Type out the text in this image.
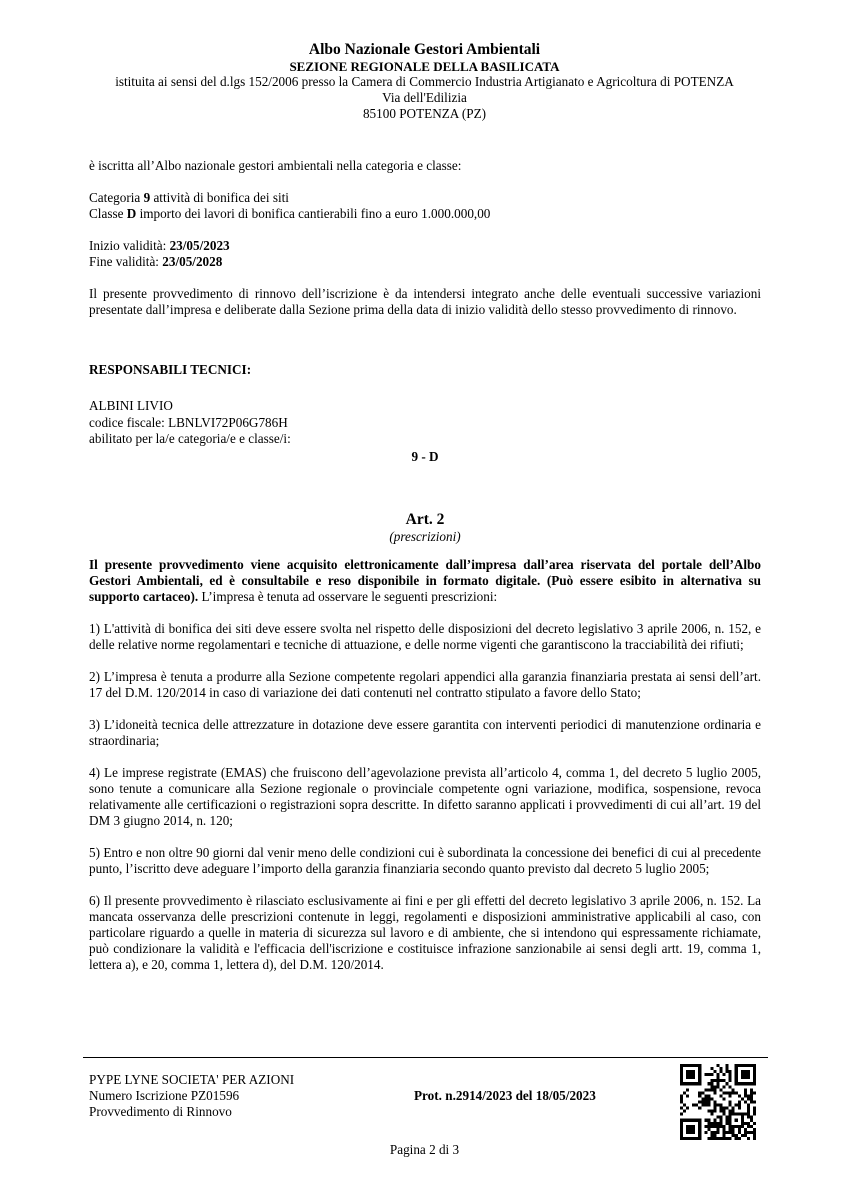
Albo Nazionale Gestori Ambientali
SEZIONE REGIONALE DELLA BASILICATA
istituita ai sensi del d.lgs 152/2006 presso la Camera di Commercio Industria Artigianato e Agricoltura di POTENZA
Via dell'Edilizia
85100 POTENZA (PZ)

è iscritta all’Albo nazionale gestori ambientali nella categoria e classe:

Categoria 9 attività di bonifica dei siti

Classe D importo dei lavori di bonifica cantierabili fino a euro 1.000.000,00

Inizio validità: 23/05/2023

Fine validità: 23/05/2028

Il presente provvedimento di rinnovo dell’iscrizione è da intendersi integrato anche delle eventuali successive variazioni presentate dall’impresa e deliberate dalla Sezione prima della data di inizio validità dello stesso provvedimento di rinnovo.

RESPONSABILI TECNICI:

ALBINI LIVIO

codice fiscale: LBNLVI72P06G786H

abilitato per la/e categoria/e e classe/i:

9 - D

Art. 2
(prescrizioni)

Il presente provvedimento viene acquisito elettronicamente dall’impresa dall’area riservata del portale dell’Albo Gestori Ambientali, ed è consultabile e reso disponibile in formato digitale. (Può essere esibito in alternativa su supporto cartaceo). L’impresa è tenuta ad osservare le seguenti prescrizioni:

1) L'attività di bonifica dei siti deve essere svolta nel rispetto delle disposizioni del decreto legislativo 3 aprile 2006, n. 152, e delle relative norme regolamentari e tecniche di attuazione, e delle norme vigenti che garantiscono la tracciabilità dei rifiuti;

2) L’impresa è tenuta a produrre alla Sezione competente regolari appendici alla garanzia finanziaria prestata ai sensi dell’art. 17 del D.M. 120/2014 in caso di variazione dei dati contenuti nel contratto stipulato a favore dello Stato;

3) L’idoneità tecnica delle attrezzature in dotazione deve essere garantita con interventi periodici di manutenzione ordinaria e straordinaria;

4) Le imprese registrate (EMAS) che fruiscono dell’agevolazione prevista all’articolo 4, comma 1, del decreto 5 luglio 2005, sono tenute a comunicare alla Sezione regionale o provinciale competente ogni variazione, modifica, sospensione, revoca relativamente alle certificazioni o registrazioni sopra descritte. In difetto saranno applicati i provvedimenti di cui all’art. 19 del DM 3 giugno 2014, n. 120;

5) Entro e non oltre 90 giorni dal venir meno delle condizioni cui è subordinata la concessione dei benefici di cui al precedente punto, l’iscritto deve adeguare l’importo della garanzia finanziaria secondo quanto previsto dal decreto 5 luglio 2005;

6) Il presente provvedimento è rilasciato esclusivamente ai fini e per gli effetti del decreto legislativo 3 aprile 2006, n. 152. La mancata osservanza delle prescrizioni contenute in leggi, regolamenti e disposizioni amministrative applicabili al caso, con particolare riguardo a quelle in materia di sicurezza sul lavoro e di ambiente, che si intendono qui espressamente richiamate, può condizionare la validità e l'efficacia dell'iscrizione e costituisce infrazione sanzionabile ai sensi degli artt. 19, comma 1, lettera a), e 20, comma 1, lettera d), del D.M. 120/2014.

PYPE LYNE SOCIETA' PER AZIONI
Numero Iscrizione PZ01596
Provvedimento di Rinnovo
Prot. n.2914/2023 del 18/05/2023
Pagina 2 di 3
